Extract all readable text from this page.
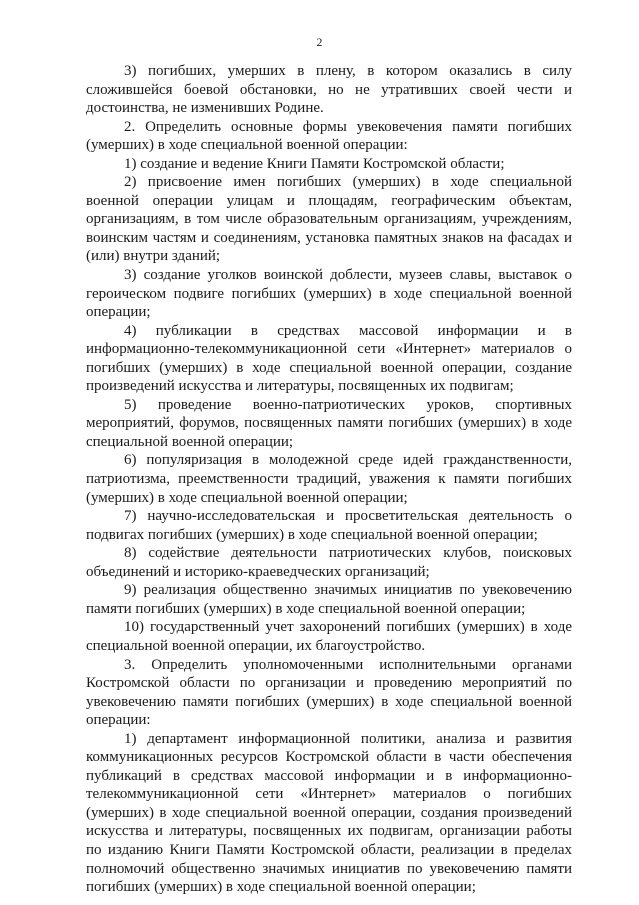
2

3) погибших, умерших в плену, в котором оказались в силу сложившейся боевой обстановки, но не утративших своей чести и достоинства, не изменивших Родине.

2. Определить основные формы увековечения памяти погибших (умерших) в ходе специальной военной операции:

1) создание и ведение Книги Памяти Костромской области;

2) присвоение имен погибших (умерших) в ходе специальной военной операции улицам и площадям, географическим объектам, организациям, в том числе образовательным организациям, учреждениям, воинским частям и соединениям, установка памятных знаков на фасадах и (или) внутри зданий;

3) создание уголков воинской доблести, музеев славы, выставок о героическом подвиге погибших (умерших) в ходе специальной военной операции;

4) публикации в средствах массовой информации и в информационно-телекоммуникационной сети «Интернет» материалов о погибших (умерших) в ходе специальной военной операции, создание произведений искусства и литературы, посвященных их подвигам;

5) проведение военно-патриотических уроков, спортивных мероприятий, форумов, посвященных памяти погибших (умерших) в ходе специальной военной операции;

6) популяризация в молодежной среде идей гражданственности, патриотизма, преемственности традиций, уважения к памяти погибших (умерших) в ходе специальной военной операции;

7) научно-исследовательская и просветительская деятельность о подвигах погибших (умерших) в ходе специальной военной операции;

8) содействие деятельности патриотических клубов, поисковых объединений и историко-краеведческих организаций;

9) реализация общественно значимых инициатив по увековечению памяти погибших (умерших) в ходе специальной военной операции;

10) государственный учет захоронений погибших (умерших) в ходе специальной военной операции, их благоустройство.

3. Определить уполномоченными исполнительными органами Костромской области по организации и проведению мероприятий по увековечению памяти погибших (умерших) в ходе специальной военной операции:

1) департамент информационной политики, анализа и развития коммуникационных ресурсов Костромской области в части обеспечения публикаций в средствах массовой информации и в информационно-телекоммуникационной сети «Интернет» материалов о погибших (умерших) в ходе специальной военной операции, создания произведений искусства и литературы, посвященных их подвигам, организации работы по изданию Книги Памяти Костромской области, реализации в пределах полномочий общественно значимых инициатив по увековечению памяти погибших (умерших) в ходе специальной военной операции;
